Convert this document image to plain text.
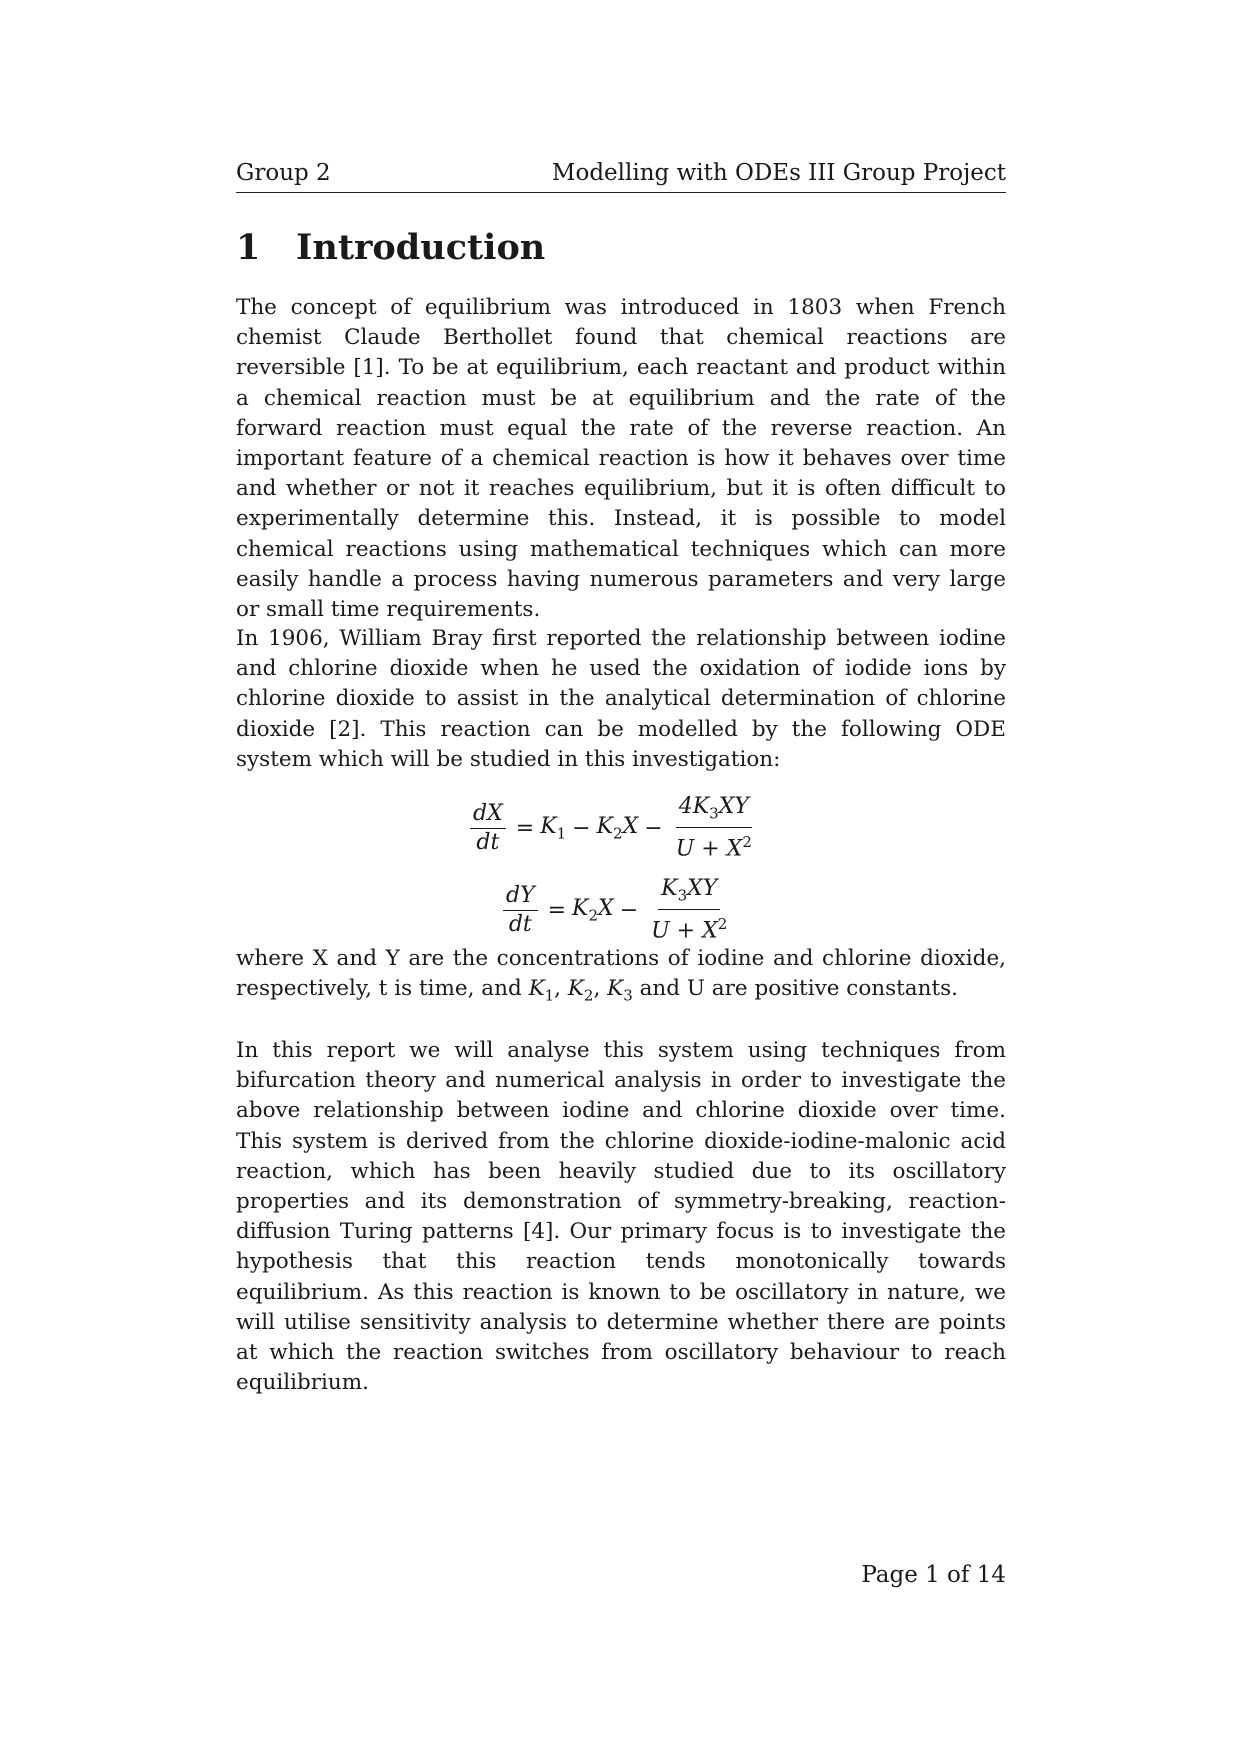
Group 2	Modelling with ODEs III Group Project
1 Introduction

The concept of equilibrium was introduced in 1803 when French chemist Claude Berthollet found that chemical reactions are reversible [1]. To be at equilibrium, each reactant and product within a chemical reaction must be at equilibrium and the rate of the forward reaction must equal the rate of the reverse reaction. An important feature of a chemical reaction is how it behaves over time and whether or not it reaches equilibrium, but it is often difficult to experimentally determine this. Instead, it is possible to model chemical reactions using mathematical techniques which can more easily handle a process having numerous parameters and very large or small time requirements.

In 1906, William Bray first reported the relationship between iodine and chlorine dioxide when he used the oxidation of iodide ions by chlorine dioxide to assist in the analytical determination of chlorine dioxide [2]. This reaction can be modelled by the following ODE system which will be studied in this investigation:

$\frac{dX}{dt} = K_1 - K_2X - \frac{4K_3XY}{U + X^2}$
$\frac{dY}{dt} = K_2X - \frac{K_3XY}{U + X^2}$

where X and Y are the concentrations of iodine and chlorine dioxide, respectively, t is time, and $K_1$, $K_2$, $K_3$ and U are positive constants.

In this report we will analyse this system using techniques from bifurcation theory and numerical analysis in order to investigate the above relationship between iodine and chlorine dioxide over time. This system is derived from the chlorine dioxide-iodine-malonic acid reaction, which has been heavily studied due to its oscillatory properties and its demonstration of symmetry-breaking, reaction-diffusion Turing patterns [4]. Our primary focus is to investigate the hypothesis that this reaction tends monotonically towards equilibrium. As this reaction is known to be oscillatory in nature, we will utilise sensitivity analysis to determine whether there are points at which the reaction switches from oscillatory behaviour to reach equilibrium.

Page 1 of 14
